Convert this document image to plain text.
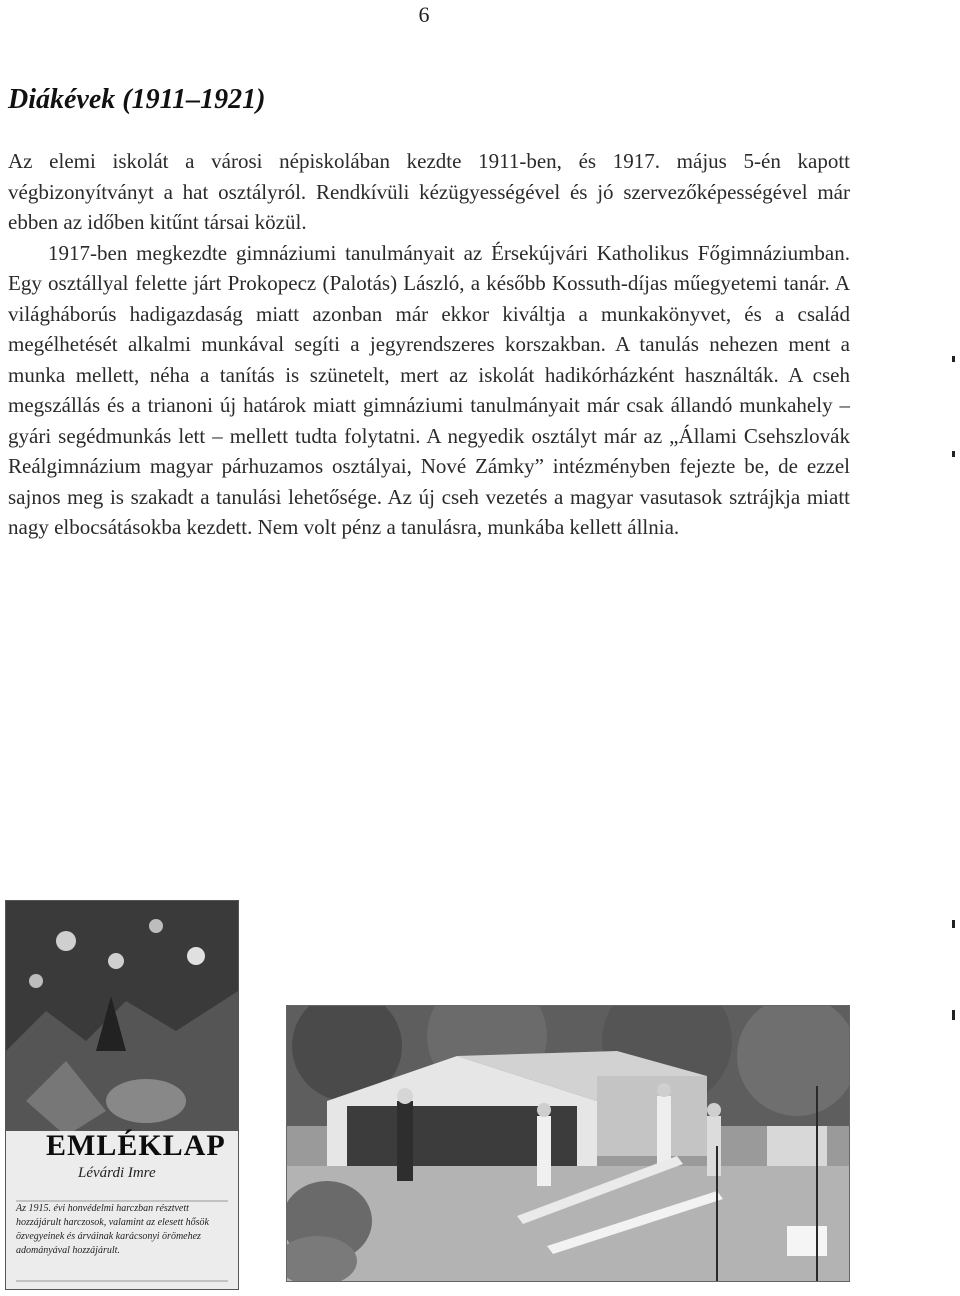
6
Diákévek (1911–1921)

Az elemi iskolát a városi népiskolában kezdte 1911-ben, és 1917. május 5-én kapott végbizonyítványt a hat osztályról. Rendkívüli kézügyességével és jó szervezőképességével már ebben az időben kitűnt társai közül.

1917-ben megkezdte gimnáziumi tanulmányait az Érsekújvári Katholikus Főgimnáziumban. Egy osztállyal felette járt Prokopecz (Palotás) László, a később Kossuth-díjas műegyetemi tanár. A világháborús hadigazdaság miatt azonban már ekkor kiváltja a munkakönyvet, és a család megélhetését alkalmi munkával segíti a jegyrendszeres korszakban. A tanulás nehezen ment a munka mellett, néha a tanítás is szünetelt, mert az iskolát hadikórházként használták. A cseh megszállás és a trianoni új határok miatt gimnáziumi tanulmányait már csak állandó munkahely – gyári segédmunkás lett – mellett tudta folytatni. A negyedik osztályt már az „Állami Csehszlovák Reálgimnázium magyar párhuzamos osztályai, Nové Zámky” intézményben fejezte be, de ezzel sajnos meg is szakadt a tanulási lehetősége. Az új cseh vezetés a magyar vasutasok sztrájkja miatt nagy elbocsátásokba kezdett. Nem volt pénz a tanulásra, munkába kellett állnia.

EMLÉKLAP
Lévárdi Imre
Az 1915. évi honvédelmi harczban résztvett
hozzájárult harczosok, valamint az elesett hősök
özvegyeinek és árváinak karácsonyi örömehez
adományával hozzájárult.
